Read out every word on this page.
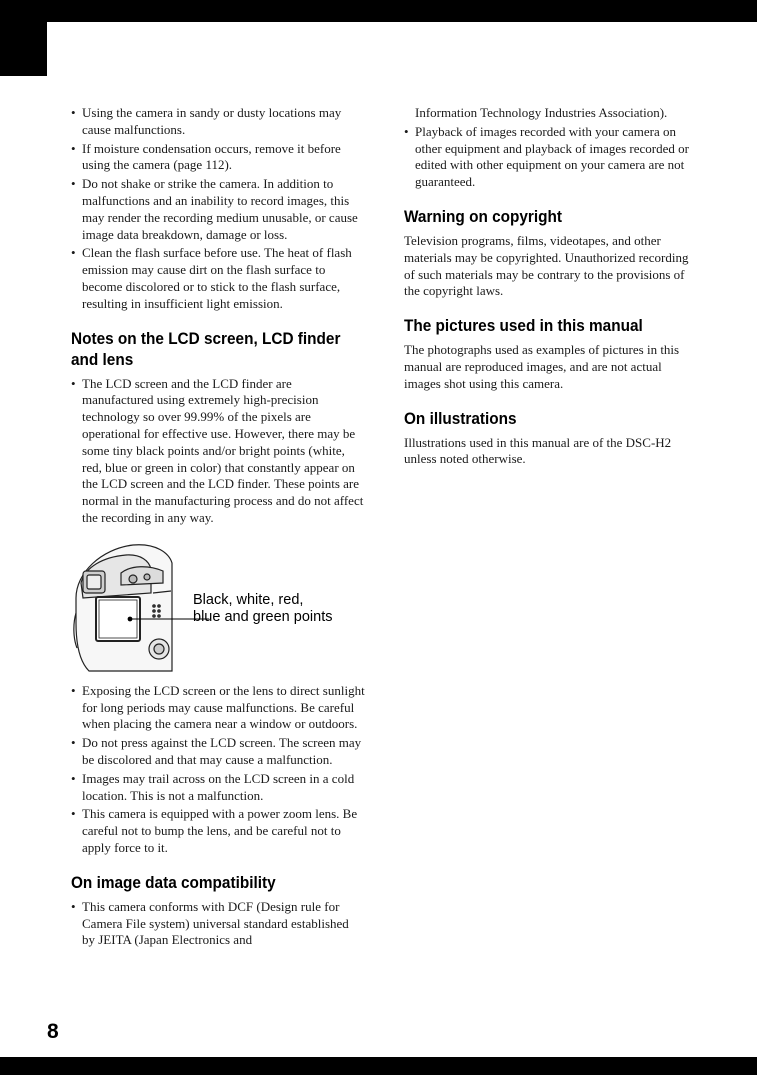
• Using the camera in sandy or dusty locations may cause malfunctions.
• If moisture condensation occurs, remove it before using the camera (page 112).
• Do not shake or strike the camera. In addition to malfunctions and an inability to record images, this may render the recording medium unusable, or cause image data breakdown, damage or loss.
• Clean the flash surface before use. The heat of flash emission may cause dirt on the flash surface to become discolored or to stick to the flash surface, resulting in insufficient light emission.
Notes on the LCD screen, LCD finder and lens
• The LCD screen and the LCD finder are manufactured using extremely high-precision technology so over 99.99% of the pixels are operational for effective use. However, there may be some tiny black points and/or bright points (white, red, blue or green in color) that constantly appear on the LCD screen and the LCD finder. These points are normal in the manufacturing process and do not affect the recording in any way.
Black, white, red, blue and green points
• Exposing the LCD screen or the lens to direct sunlight for long periods may cause malfunctions. Be careful when placing the camera near a window or outdoors.
• Do not press against the LCD screen. The screen may be discolored and that may cause a malfunction.
• Images may trail across on the LCD screen in a cold location. This is not a malfunction.
• This camera is equipped with a power zoom lens. Be careful not to bump the lens, and be careful not to apply force to it.
On image data compatibility
• This camera conforms with DCF (Design rule for Camera File system) universal standard established by JEITA (Japan Electronics and
Information Technology Industries Association).
• Playback of images recorded with your camera on other equipment and playback of images recorded or edited with other equipment on your camera are not guaranteed.
Warning on copyright

Television programs, films, videotapes, and other materials may be copyrighted. Unauthorized recording of such materials may be contrary to the provisions of the copyright laws.

The pictures used in this manual

The photographs used as examples of pictures in this manual are reproduced images, and are not actual images shot using this camera.

On illustrations

Illustrations used in this manual are of the DSC-H2 unless noted otherwise.

8
